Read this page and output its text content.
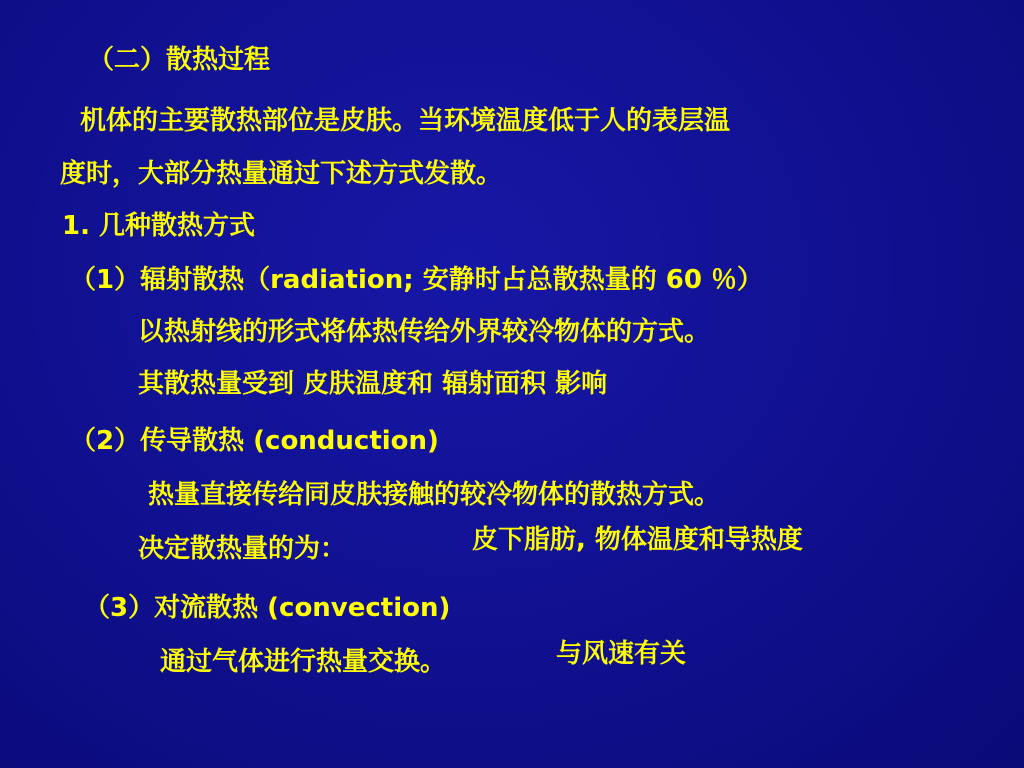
（二）散热过程
机体的主要散热部位是皮肤。当环境温度低于人的表层温
度时，大部分热量通过下述方式发散。
1. 几种散热方式
（1）辐射散热（radiation; 安静时占总散热量的 60 ％）
以热射线的形式将体热传给外界较冷物体的方式。
其散热量受到 皮肤温度和 辐射面积 影响
（2）传导散热 (conduction)
热量直接传给同皮肤接触的较冷物体的散热方式。
决定散热量的为：	皮下脂肪, 物体温度和导热度
（3）对流散热 (convection)
通过气体进行热量交换。	与风速有关
